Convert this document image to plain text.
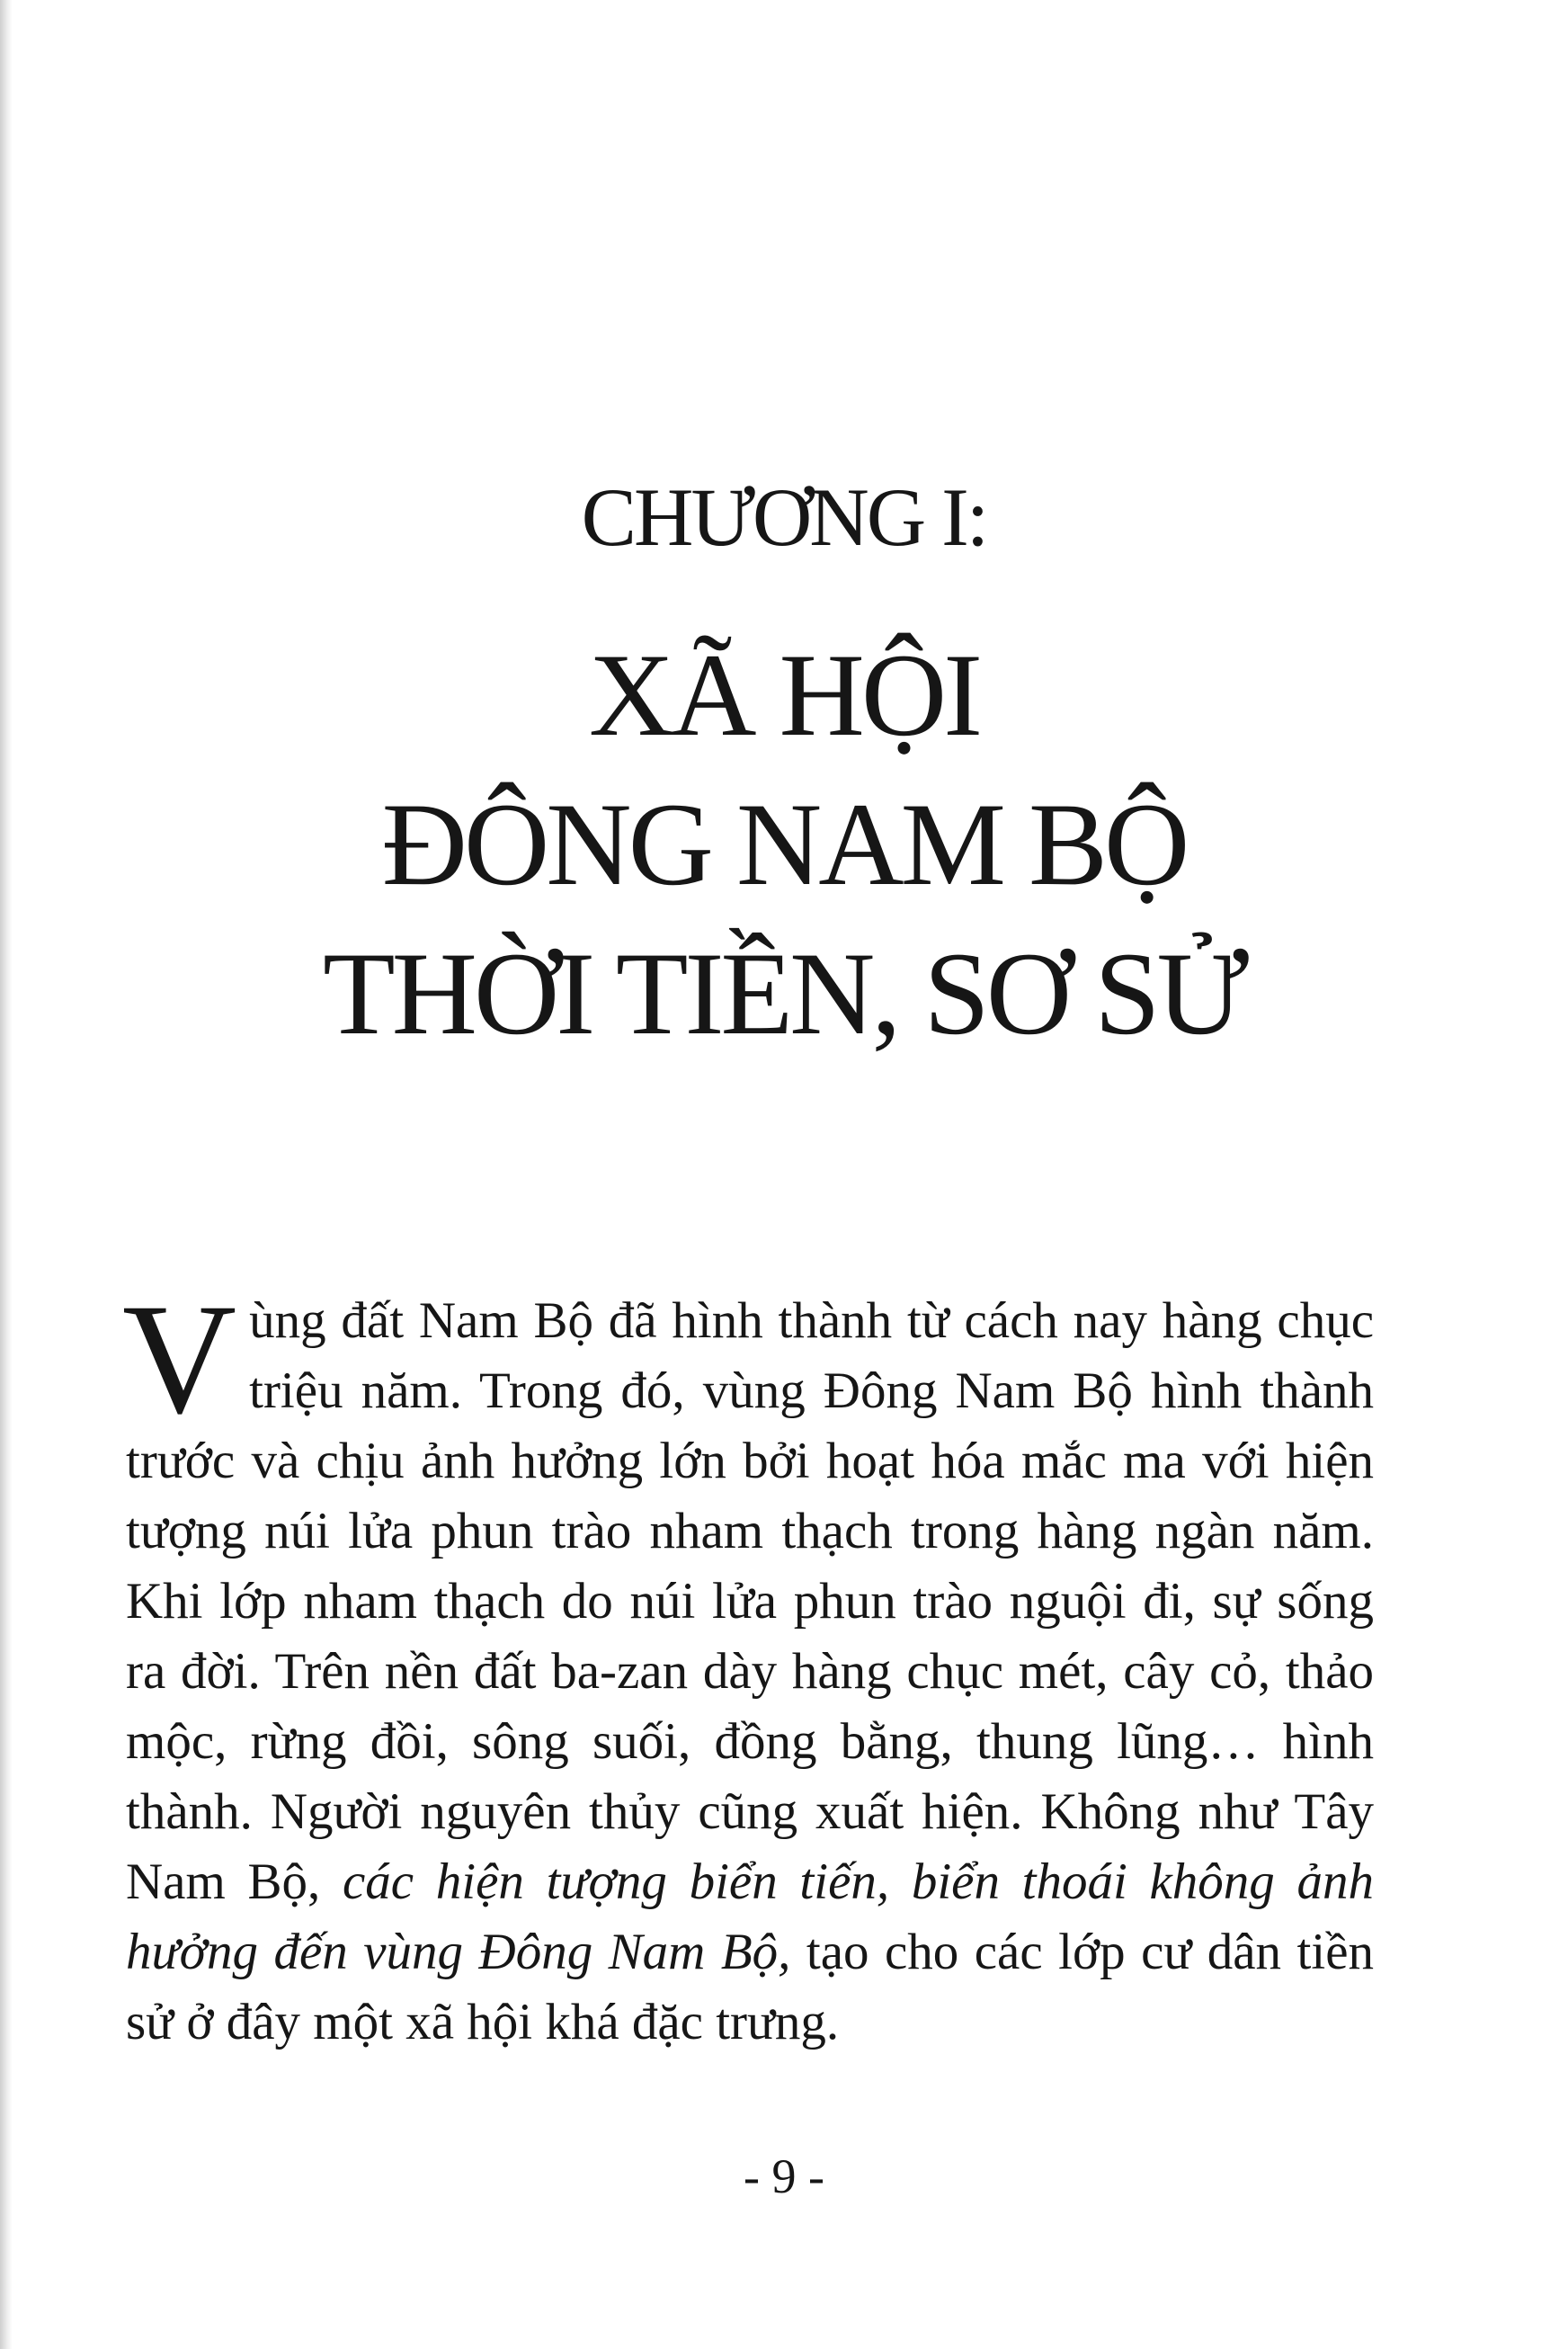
CHƯƠNG I:
XÃ HỘI
ĐÔNG NAM BỘ
THỜI TIỀN, SƠ SỬ
Vùng đất Nam Bộ đã hình thành từ cách nay hàng chục triệu năm. Trong đó, vùng Đông Nam Bộ hình thành trước và chịu ảnh hưởng lớn bởi hoạt hóa mắc ma với hiện tượng núi lửa phun trào nham thạch trong hàng ngàn năm. Khi lớp nham thạch do núi lửa phun trào nguội đi, sự sống ra đời. Trên nền đất ba-zan dày hàng chục mét, cây cỏ, thảo mộc, rừng đồi, sông suối, đồng bằng, thung lũng… hình thành. Người nguyên thủy cũng xuất hiện. Không như Tây Nam Bộ, các hiện tượng biển tiến, biển thoái không ảnh hưởng đến vùng Đông Nam Bộ, tạo cho các lớp cư dân tiền sử ở đây một xã hội khá đặc trưng.
- 9 -
